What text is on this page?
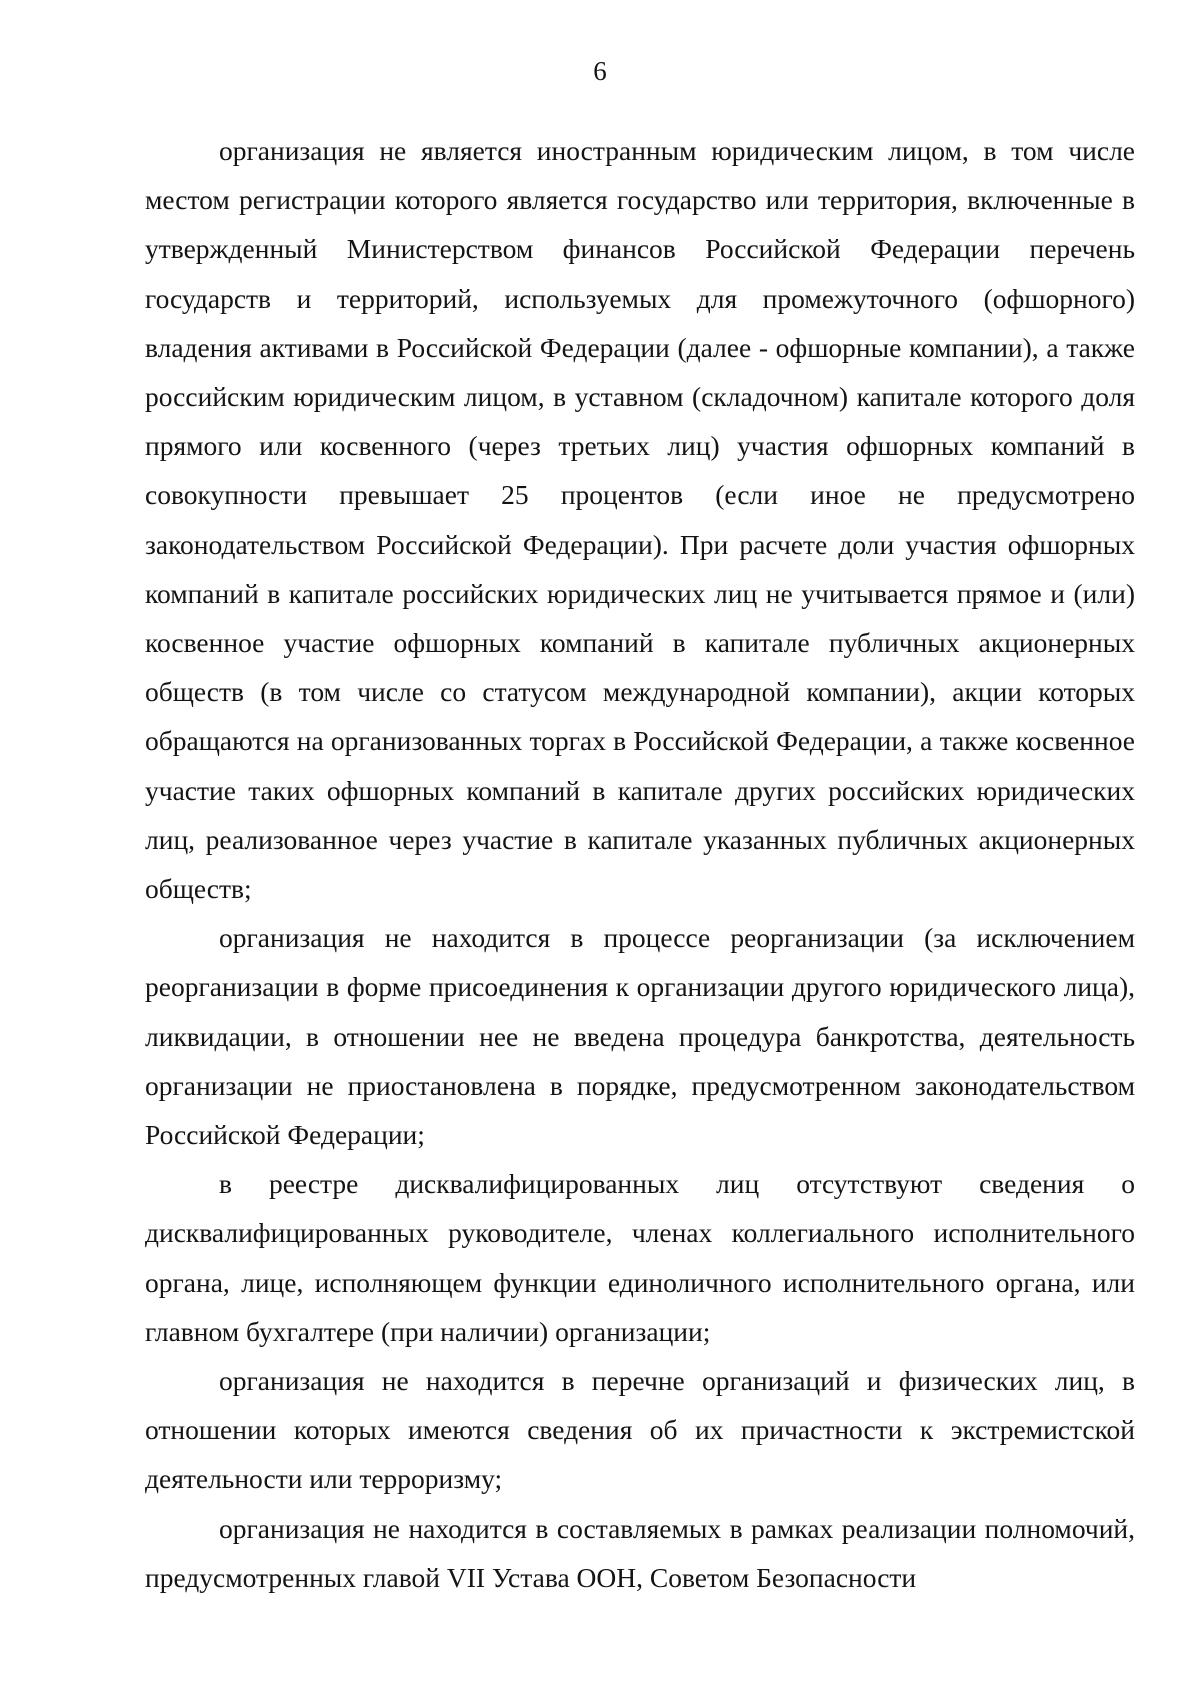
6

организация не является иностранным юридическим лицом, в том числе местом регистрации которого является государство или территория, включенные в утвержденный Министерством финансов Российской Федерации перечень государств и территорий, используемых для промежуточного (офшорного) владения активами в Российской Федерации (далее - офшорные компании), а также российским юридическим лицом, в уставном (складочном) капитале которого доля прямого или косвенного (через третьих лиц) участия офшорных компаний в совокупности превышает 25 процентов (если иное не предусмотрено законодательством Российской Федерации). При расчете доли участия офшорных компаний в капитале российских юридических лиц не учитывается прямое и (или) косвенное участие офшорных компаний в капитале публичных акционерных обществ (в том числе со статусом международной компании), акции которых обращаются на организованных торгах в Российской Федерации, а также косвенное участие таких офшорных компаний в капитале других российских юридических лиц, реализованное через участие в капитале указанных публичных акционерных обществ;

организация не находится в процессе реорганизации (за исключением реорганизации в форме присоединения к организации другого юридического лица), ликвидации, в отношении нее не введена процедура банкротства, деятельность организации не приостановлена в порядке, предусмотренном законодательством Российской Федерации;

в реестре дисквалифицированных лиц отсутствуют сведения о дисквалифицированных руководителе, членах коллегиального исполнительного органа, лице, исполняющем функции единоличного исполнительного органа, или главном бухгалтере (при наличии) организации;

организация не находится в перечне организаций и физических лиц, в отношении которых имеются сведения об их причастности к экстремистской деятельности или терроризму;

организация не находится в составляемых в рамках реализации полномочий, предусмотренных главой VII Устава ООН, Советом Безопасности
